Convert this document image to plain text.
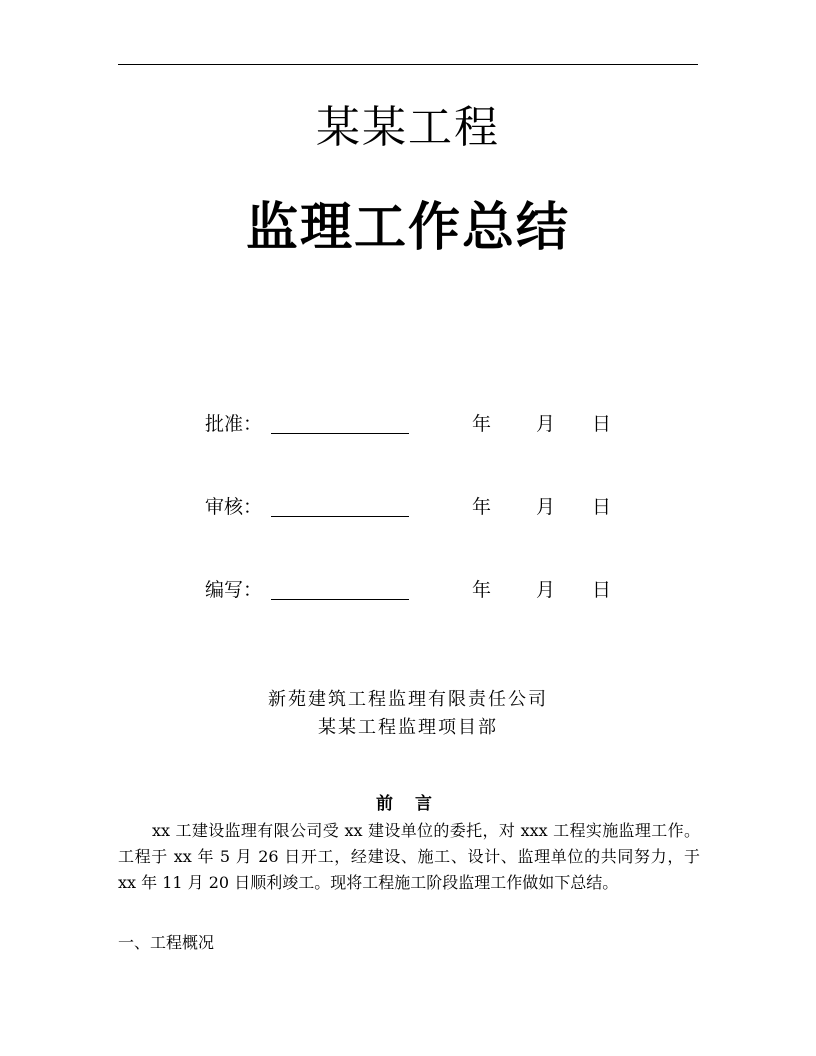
某某工程
监理工作总结
批准：	年 月 日
审核：	年 月 日
编写：	年 月 日
新苑建筑工程监理有限责任公司
某某工程监理项目部
前 言

xx 工建设监理有限公司受 xx 建设单位的委托，对 xxx 工程实施监理工作。工程于 xx 年 5 月 26 日开工，经建设、施工、设计、监理单位的共同努力，于 xx 年 11 月 20 日顺利竣工。现将工程施工阶段监理工作做如下总结。

一、工程概况
